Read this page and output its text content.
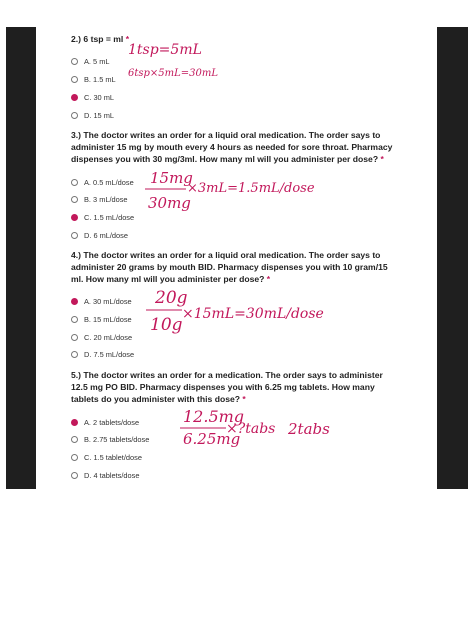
2.) 6 tsp = ml *
A. 5 mL
B. 1.5 mL
C. 30 mL
D. 15 mL
3.) The doctor writes an order for a liquid oral medication. The order says to administer 15 mg by mouth every 4 hours as needed for sore throat. Pharmacy dispenses you with 30 mg/3ml. How many ml will you administer per dose? *
A. 0.5 mL/dose
B. 3 mL/dose
C. 1.5 mL/dose
D. 6 mL/dose
4.) The doctor writes an order for a liquid oral medication. The order says to administer 20 grams by mouth BID. Pharmacy dispenses you with 10 gram/15 ml. How many ml will you administer per dose? *
A. 30 mL/dose
B. 15 mL/dose
C. 20 mL/dose
D. 7.5 mL/dose
5.) The doctor writes an order for a medication. The order says to administer 12.5 mg PO BID. Pharmacy dispenses you with 6.25 mg tablets. How many tablets do you administer with this dose? *
A. 2 tablets/dose
B. 2.75 tablets/dose
C. 1.5 tablet/dose
D. 4 tablets/dose
1tsp=5mL
6tsp×5mL=30mL
15mg
30mg
×3mL=1.5mL/dose
20g
10g
×15mL=30mL/dose
12.5mg
6.25mg
×?tabs 2tabs
